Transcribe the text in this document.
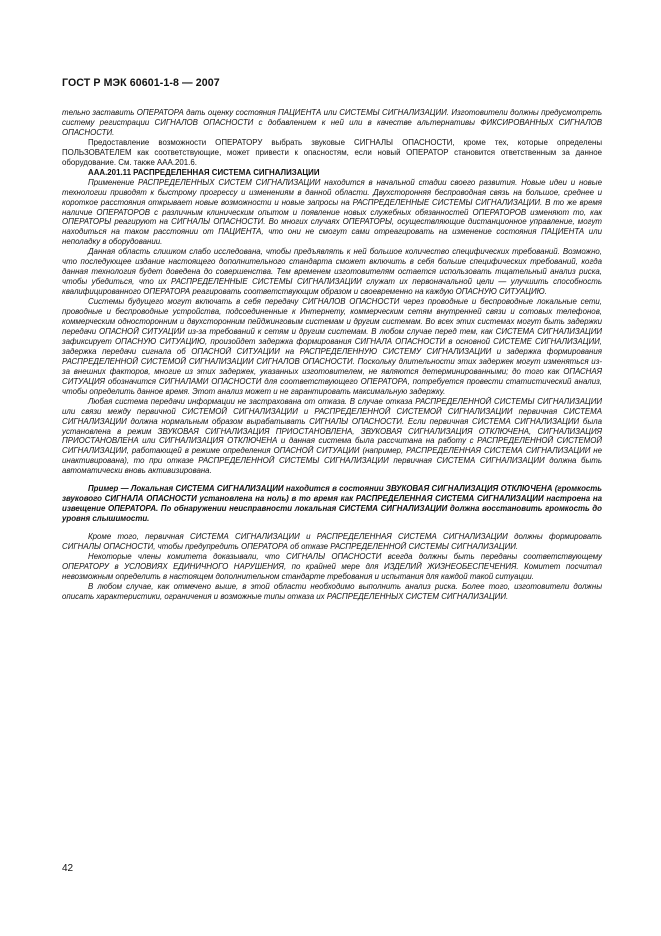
ГОСТ Р МЭК 60601-1-8 — 2007

тельно заставить ОПЕРАТОРА дать оценку состояния ПАЦИЕНТА или СИСТЕМЫ СИГНАЛИЗАЦИИ. Изготовители должны предусмотреть систему регистрации СИГНАЛОВ ОПАСНОСТИ с добавлением к ней или в качестве альтернативы ФИКСИРОВАННЫХ СИГНАЛОВ ОПАСНОСТИ.

Предоставление возможности ОПЕРАТОРУ выбрать звуковые СИГНАЛЫ ОПАСНОСТИ, кроме тех, которые определены ПОЛЬЗОВАТЕЛЕМ как соответствующие, может привести к опасностям, если новый ОПЕРАТОР становится ответственным за данное оборудование. См. также ААА.201.6.

ААА.201.11 РАСПРЕДЕЛЕННАЯ СИСТЕМА СИГНАЛИЗАЦИИ

Применение РАСПРЕДЕЛЕННЫХ СИСТЕМ СИГНАЛИЗАЦИИ находится в начальной стадии своего развития. Новые идеи и новые технологии приводят к быстрому прогрессу и изменениям в данной области. Двухсторонняя беспроводная связь на большое, среднее и короткое расстояния открывает новые возможности и новые запросы на РАСПРЕДЕЛЕННЫЕ СИСТЕМЫ СИГНАЛИЗАЦИИ. В то же время наличие ОПЕРАТОРОВ с различным клиническим опытом и появление новых служебных обязанностей ОПЕРАТОРОВ изменяют то, как ОПЕРАТОРЫ реагируют на СИГНАЛЫ ОПАСНОСТИ. Во многих случаях ОПЕРАТОРЫ, осуществляющие дистанционное управление, могут находиться на таком расстоянии от ПАЦИЕНТА, что они не смогут сами отреагировать на изменение состояния ПАЦИЕНТА или неполадку в оборудовании.

Данная область слишком слабо исследована, чтобы предъявлять к ней большое количество специфических требований. Возможно, что последующее издание настоящего дополнительного стандарта сможет включить в себя больше специфических требований, когда данная технология будет доведена до совершенства. Тем временем изготовителям остается использовать тщательный анализ риска, чтобы убедиться, что их РАСПРЕДЕЛЕННЫЕ СИСТЕМЫ СИГНАЛИЗАЦИИ служат их первоначальной цели — улучшить способность квалифицированного ОПЕРАТОРА реагировать соответствующим образом и своевременно на каждую ОПАСНУЮ СИТУАЦИЮ.

Системы будущего могут включать в себя передачу СИГНАЛОВ ОПАСНОСТИ через проводные и беспроводные локальные сети, проводные и беспроводные устройства, подсоединенные к Интернету, коммерческим сетям внутренней связи и сотовых телефонов, коммерческим односторонним и двухсторонним пейджинговым системам и другим системам. Во всех этих системах могут быть задержки передачи ОПАСНОЙ СИТУАЦИИ из-за требований к сетям и другим системам. В любом случае перед тем, как СИСТЕМА СИГНАЛИЗАЦИИ зафиксирует ОПАСНУЮ СИТУАЦИЮ, произойдет задержка формирования СИГНАЛА ОПАСНОСТИ в основной СИСТЕМЕ СИГНАЛИЗАЦИИ, задержка передачи сигнала об ОПАСНОЙ СИТУАЦИИ на РАСПРЕДЕЛЕННУЮ СИСТЕМУ СИГНАЛИЗАЦИИ и задержка формирования РАСПРЕДЕЛЕННОЙ СИСТЕМОЙ СИГНАЛИЗАЦИИ СИГНАЛОВ ОПАСНОСТИ. Поскольку длительности этих задержек могут изменяться из-за внешних факторов, многие из этих задержек, указанных изготовителем, не являются детерминированными; до того как ОПАСНАЯ СИТУАЦИЯ обозначится СИГНАЛАМИ ОПАСНОСТИ для соответствующего ОПЕРАТОРА, потребуется провести статистический анализ, чтобы определить данное время. Этот анализ может и не гарантировать максимальную задержку.

Любая система передачи информации не застрахована от отказа. В случае отказа РАСПРЕДЕЛЕННОЙ СИСТЕМЫ СИГНАЛИЗАЦИИ или связи между первичной СИСТЕМОЙ СИГНАЛИЗАЦИИ и РАСПРЕДЕЛЕННОЙ СИСТЕМОЙ СИГНАЛИЗАЦИИ первичная СИСТЕМА СИГНАЛИЗАЦИИ должна нормальным образом вырабатывать СИГНАЛЫ ОПАСНОСТИ. Если первичная СИСТЕМА СИГНАЛИЗАЦИИ была установлена в режим ЗВУКОВАЯ СИГНАЛИЗАЦИЯ ПРИОСТАНОВЛЕНА, ЗВУКОВАЯ СИГНАЛИЗАЦИЯ ОТКЛЮЧЕНА, СИГНАЛИЗАЦИЯ ПРИОСТАНОВЛЕНА или СИГНАЛИЗАЦИЯ ОТКЛЮЧЕНА и данная система была рассчитана на работу с РАСПРЕДЕЛЕННОЙ СИСТЕМОЙ СИГНАЛИЗАЦИИ, работающей в режиме определения ОПАСНОЙ СИТУАЦИИ (например, РАСПРЕДЕЛЕННАЯ СИСТЕМА СИГНАЛИЗАЦИИ не инактивирована), то при отказе РАСПРЕДЕЛЕННОЙ СИСТЕМЫ СИГНАЛИЗАЦИИ первичная СИСТЕМА СИГНАЛИЗАЦИИ должна быть автоматически вновь активизирована.

Пример — Локальная СИСТЕМА СИГНАЛИЗАЦИИ находится в состоянии ЗВУКОВАЯ СИГНАЛИЗАЦИЯ ОТКЛЮЧЕНА (громкость звукового СИГНАЛА ОПАСНОСТИ установлена на ноль) в то время как РАСПРЕДЕЛЕННАЯ СИСТЕМА СИГНАЛИЗАЦИИ настроена на извещение ОПЕРАТОРА. По обнаружении неисправности локальная СИСТЕМА СИГНАЛИЗАЦИИ должна восстановить громкость до уровня слышимости.

Кроме того, первичная СИСТЕМА СИГНАЛИЗАЦИИ и РАСПРЕДЕЛЕННАЯ СИСТЕМА СИГНАЛИЗАЦИИ должны формировать СИГНАЛЫ ОПАСНОСТИ, чтобы предупредить ОПЕРАТОРА об отказе РАСПРЕДЕЛЕННОЙ СИСТЕМЫ СИГНАЛИЗАЦИИ.

Некоторые члены комитета доказывали, что СИГНАЛЫ ОПАСНОСТИ всегда должны быть переданы соответствующему ОПЕРАТОРУ в УСЛОВИЯХ ЕДИНИЧНОГО НАРУШЕНИЯ, по крайней мере для ИЗДЕЛИЙ ЖИЗНЕОБЕСПЕЧЕНИЯ. Комитет посчитал невозможным определить в настоящем дополнительном стандарте требования и испытания для каждой такой ситуации.

В любом случае, как отмечено выше, в этой области необходимо выполнить анализ риска. Более того, изготовители должны описать характеристики, ограничения и возможные типы отказа их РАСПРЕДЕЛЕННЫХ СИСТЕМ СИГНАЛИЗАЦИИ.

42
